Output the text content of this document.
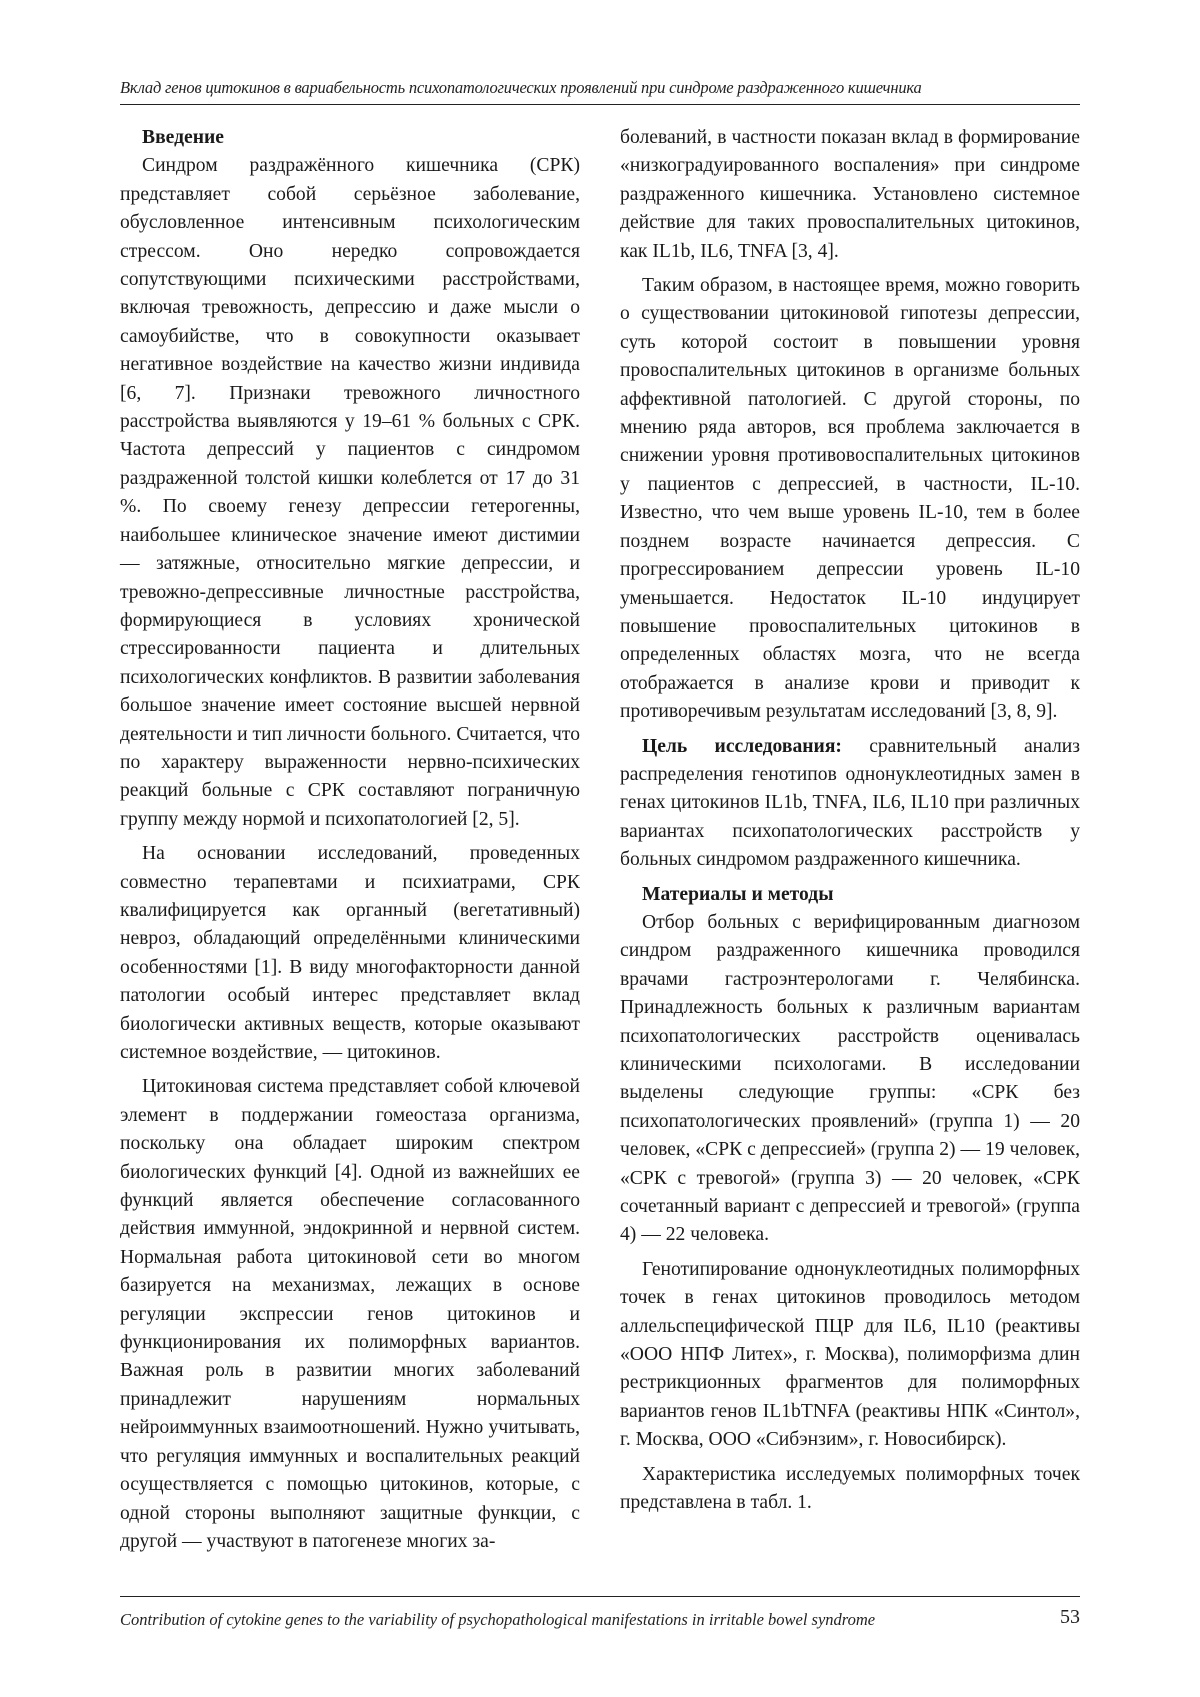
Вклад генов цитокинов в вариабельность психопатологических проявлений при синдроме раздраженного кишечника
Введение

Синдром раздражённого кишечника (СРК) представляет собой серьёзное заболевание, обусловленное интенсивным психологическим стрессом. Оно нередко сопровождается сопутствующими психическими расстройствами, включая тревожность, депрессию и даже мысли о самоубийстве, что в совокупности оказывает негативное воздействие на качество жизни индивида [6, 7]. Признаки тревожного личностного расстройства выявляются у 19–61 % больных с СРК. Частота депрессий у пациентов с синдромом раздраженной толстой кишки колеблется от 17 до 31 %. По своему генезу депрессии гетерогенны, наибольшее клиническое значение имеют дистимии — затяжные, относительно мягкие депрессии, и тревожно-депрессивные личностные расстройства, формирующиеся в условиях хронической стрессированности пациента и длительных психологических конфликтов. В развитии заболевания большое значение имеет состояние высшей нервной деятельности и тип личности больного. Считается, что по характеру выраженности нервно-психических реакций больные с СРК составляют пограничную группу между нормой и психопатологией [2, 5].

На основании исследований, проведенных совместно терапевтами и психиатрами, СРК квалифицируется как органный (вегетативный) невроз, обладающий определёнными клиническими особенностями [1]. В виду многофакторности данной патологии особый интерес представляет вклад биологически активных веществ, которые оказывают системное воздействие, — цитокинов.

Цитокиновая система представляет собой ключевой элемент в поддержании гомеостаза организма, поскольку она обладает широким спектром биологических функций [4]. Одной из важнейших ее функций является обеспечение согласованного действия иммунной, эндокринной и нервной систем. Нормальная работа цитокиновой сети во многом базируется на механизмах, лежащих в основе регуляции экспрессии генов цитокинов и функционирования их полиморфных вариантов. Важная роль в развитии многих заболеваний принадлежит нарушениям нормальных нейроиммунных взаимоотношений. Нужно учитывать, что регуляция иммунных и воспалительных реакций осуществляется с помощью цитокинов, которые, с одной стороны выполняют защитные функции, с другой — участвуют в патогенезе многих за-

болеваний, в частности показан вклад в формирование «низкоградуированного воспаления» при синдроме раздраженного кишечника. Установлено системное действие для таких провоспалительных цитокинов, как IL1b, IL6, TNFA [3, 4].

Таким образом, в настоящее время, можно говорить о существовании цитокиновой гипотезы депрессии, суть которой состоит в повышении уровня провоспалительных цитокинов в организме больных аффективной патологией. С другой стороны, по мнению ряда авторов, вся проблема заключается в снижении уровня противовоспалительных цитокинов у пациентов с депрессией, в частности, IL-10. Известно, что чем выше уровень IL-10, тем в более позднем возрасте начинается депрессия. С прогрессированием депрессии уровень IL-10 уменьшается. Недостаток IL-10 индуцирует повышение провоспалительных цитокинов в определенных областях мозга, что не всегда отображается в анализе крови и приводит к противоречивым результатам исследований [3, 8, 9].

Цель исследования: сравнительный анализ распределения генотипов однонуклеотидных замен в генах цитокинов IL1b, TNFA, IL6, IL10 при различных вариантах психопатологических расстройств у больных синдромом раздраженного кишечника.

Материалы и методы

Отбор больных с верифицированным диагнозом синдром раздраженного кишечника проводился врачами гастроэнтерологами г. Челябинска. Принадлежность больных к различным вариантам психопатологических расстройств оценивалась клиническими психологами. В исследовании выделены следующие группы: «СРК без психопатологических проявлений» (группа 1) — 20 человек, «СРК с депрессией» (группа 2) — 19 человек, «СРК с тревогой» (группа 3) — 20 человек, «СРК сочетанный вариант с депрессией и тревогой» (группа 4) — 22 человека.

Генотипирование однонуклеотидных полиморфных точек в генах цитокинов проводилось методом аллельспецифической ПЦР для IL6, IL10 (реактивы «ООО НПФ Литех», г. Москва), полиморфизма длин рестрикционных фрагментов для полиморфных вариантов генов IL1bTNFA (реактивы НПК «Синтол», г. Москва, ООО «Сибэнзим», г. Новосибирск).

Характеристика исследуемых полиморфных точек представлена в табл. 1.

Contribution of cytokine genes to the variability of psychopathological manifestations in irritable bowel syndrome	53
